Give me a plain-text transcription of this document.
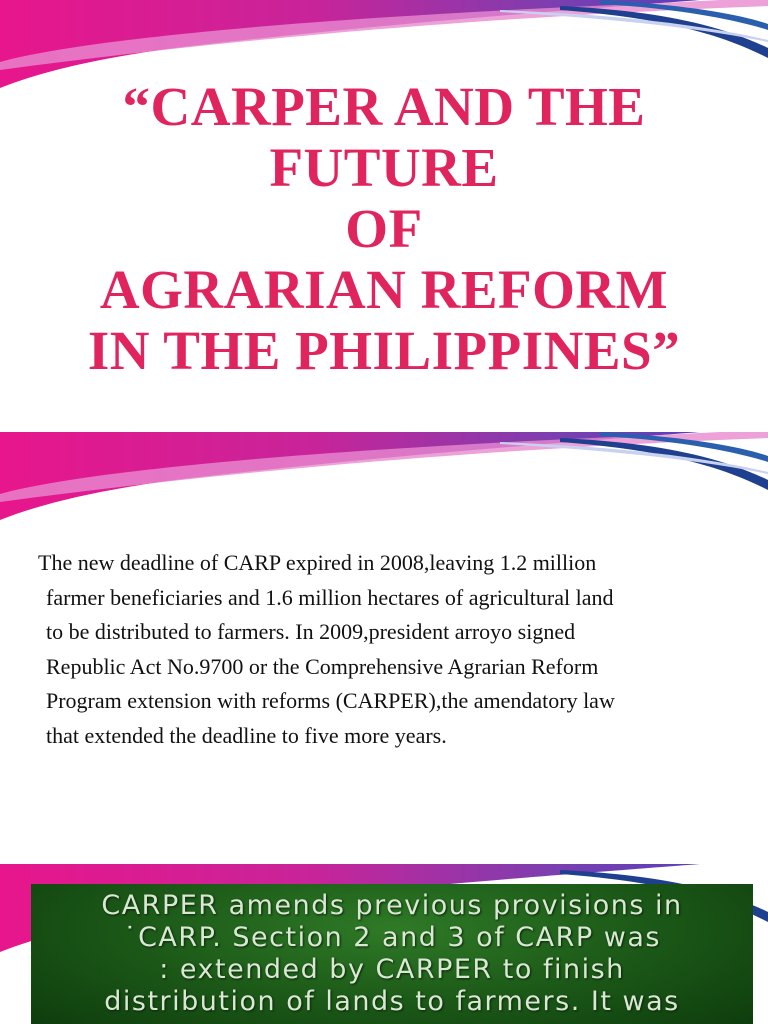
“CARPER AND THE
FUTURE
OF
AGRARIAN REFORM
IN THE PHILIPPINES”
The new deadline of CARP expired in 2008,leaving 1.2 million
farmer beneficiaries and 1.6 million hectares of agricultural land
to be distributed to farmers. In 2009,president arroyo signed
Republic Act No.9700 or the Comprehensive Agrarian Reform
Program extension with reforms (CARPER),the amendatory law
that extended the deadline to five more years.
CARPER amends previous provisions in
˙CARP. Section 2 and 3 of CARP was
: extended by CARPER to finish
distribution of lands to farmers. It was
